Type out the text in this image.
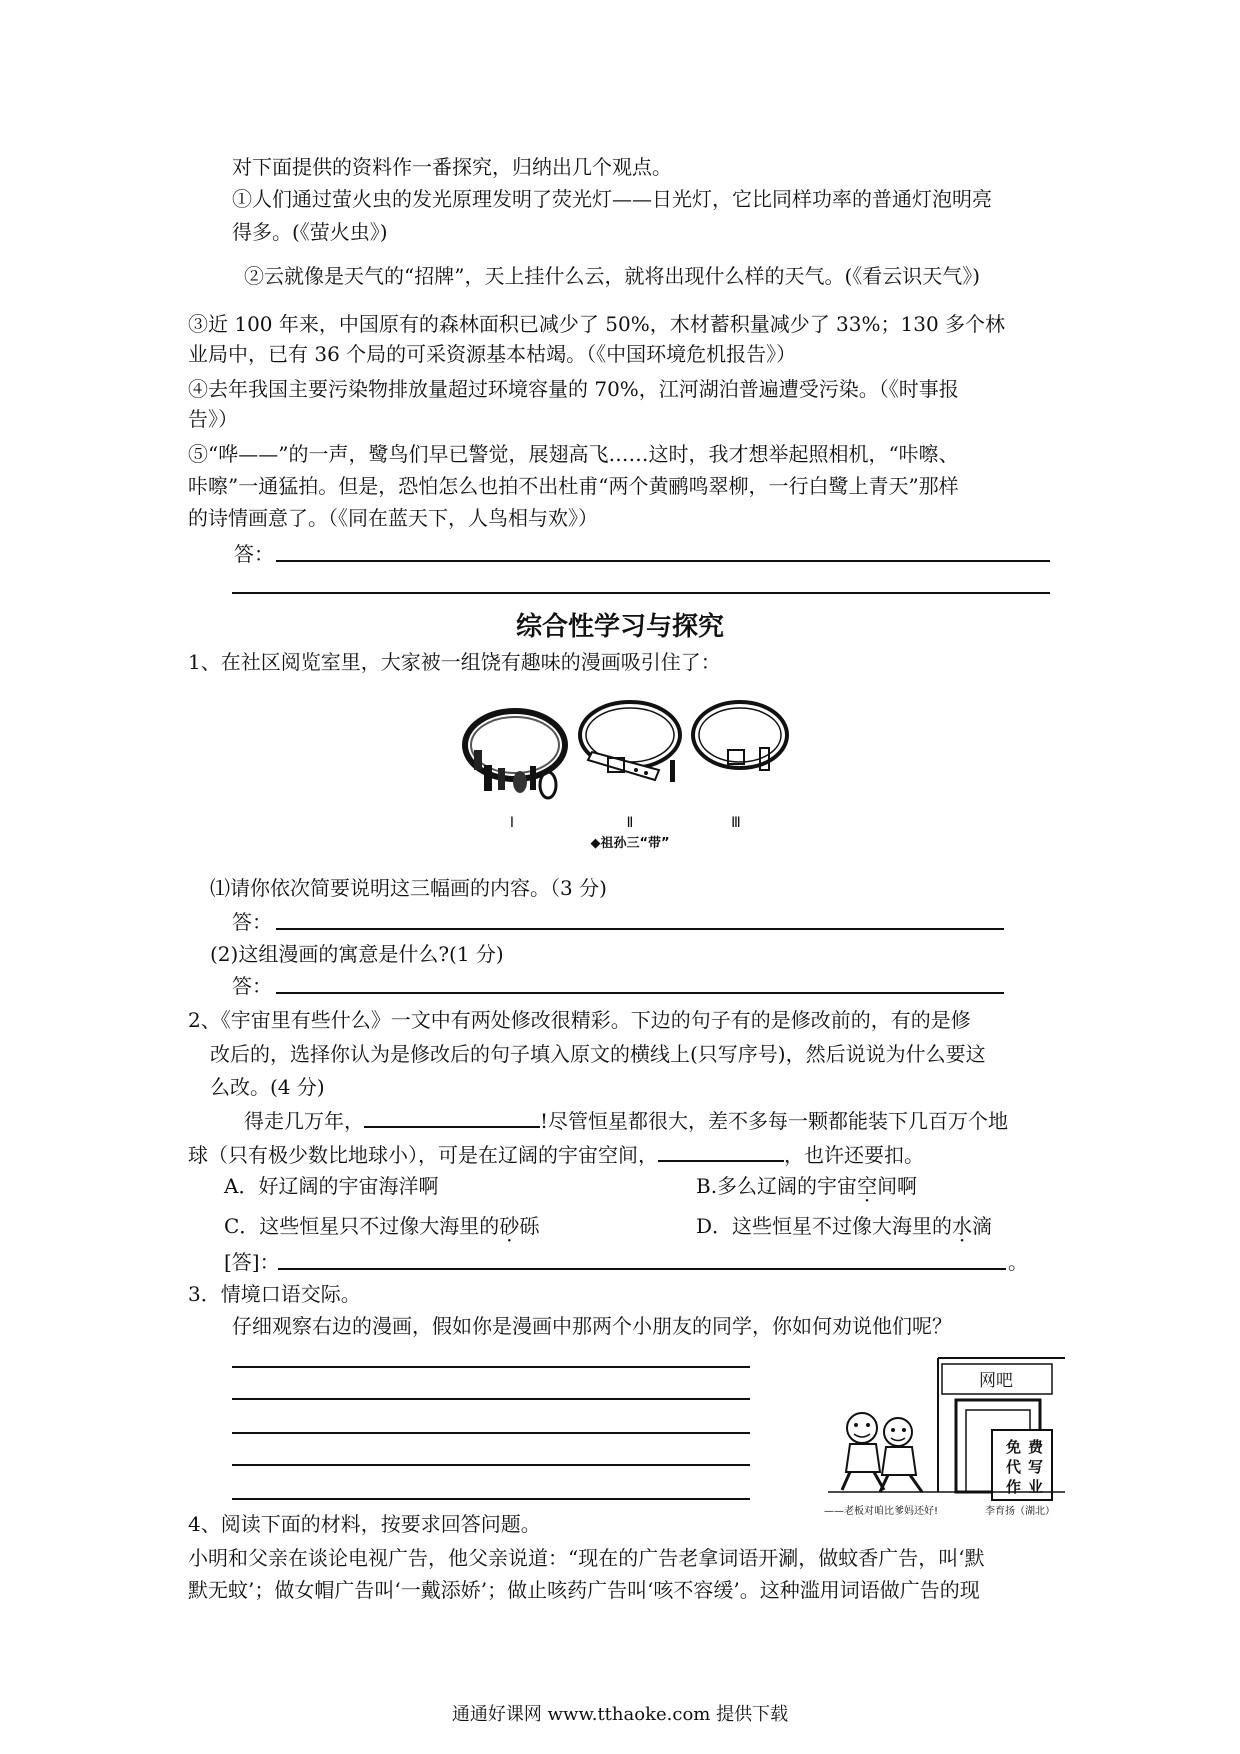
对下面提供的资料作一番探究，归纳出几个观点。
①人们通过萤火虫的发光原理发明了荧光灯——日光灯，它比同样功率的普通灯泡明亮
得多。(《萤火虫》)
②云就像是天气的“招牌”，天上挂什么云，就将出现什么样的天气。(《看云识天气》)
③近 100 年来，中国原有的森林面积已减少了 50%，木材蓄积量减少了 33%；130 多个林
业局中，已有 36 个局的可采资源基本枯竭。（《中国环境危机报告》）
④去年我国主要污染物排放量超过环境容量的 70%，江河湖泊普遍遭受污染。（《时事报
告》）
⑤“哗——”的一声，鹭鸟们早已警觉，展翅高飞……这时，我才想举起照相机，“咔嚓、
咔嚓”一通猛拍。但是，恐怕怎么也拍不出杜甫“两个黄鹂鸣翠柳，一行白鹭上青天”那样
的诗情画意了。（《同在蓝天下，人鸟相与欢》）
答：
综合性学习与探究
1、在社区阅览室里，大家被一组饶有趣味的漫画吸引住了：
Ⅰ	Ⅱ	Ⅲ
◆祖孙三“带”
⑴请你依次简要说明这三幅画的内容。（3 分)
答：
(2)这组漫画的寓意是什么?(1 分)
答：
2、《宇宙里有些什么》一文中有两处修改很精彩。下边的句子有的是修改前的，有的是修
改后的，选择你认为是修改后的句子填入原文的横线上(只写序号)，然后说说为什么要这
么改。(4 分)
得走几万年，	!尽管恒星都很大，差不多每一颗都能装下几百万个地
球（只有极少数比地球小），可是在辽阔的宇宙空间，	，也许还要扣。
A．好辽阔的宇宙海洋啊	B.多么辽阔的宇宙空间啊
C．这些恒星只不过像大海里的砂砾	D．这些恒星不过像大海里的水滴
[答]：	。
3．情境口语交际。
仔细观察右边的漫画，假如你是漫画中那两个小朋友的同学，你如何劝说他们呢？
网吧
免 费
代 写
作 业
——老板对咱比爹妈还好!	李育扬（湖北）
4、阅读下面的材料，按要求回答问题。
小明和父亲在谈论电视广告，他父亲说道：“现在的广告老拿词语开涮，做蚊香广告，叫‘默
默无蚊’；做女帽广告叫‘一戴添娇’；做止咳药广告叫‘咳不容缓’。这种滥用词语做广告的现
通通好课网 www.tthaoke.com 提供下载
